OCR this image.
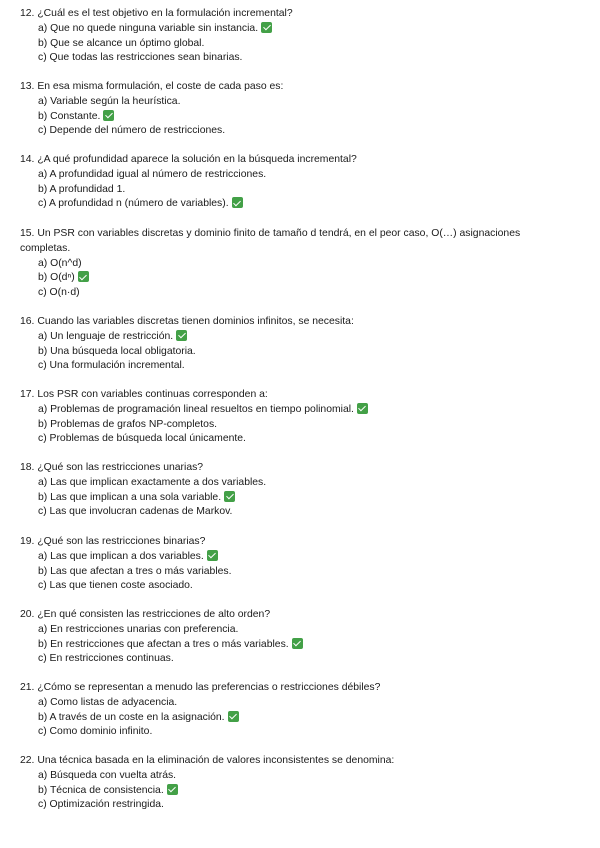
12. ¿Cuál es el test objetivo en la formulación incremental?

a) Que no quede ninguna variable sin instancia.
b) Que se alcance un óptimo global.
c) Que todas las restricciones sean binarias.

13. En esa misma formulación, el coste de cada paso es:

a) Variable según la heurística.
b) Constante.
c) Depende del número de restricciones.

14. ¿A qué profundidad aparece la solución en la búsqueda incremental?

a) A profundidad igual al número de restricciones.
b) A profundidad 1.
c) A profundidad n (número de variables).

15. Un PSR con variables discretas y dominio finito de tamaño d tendrá, en el peor caso, O(…) asignaciones completas.

a) O(n^d)
b) O(dⁿ)
c) O(n·d)

16. Cuando las variables discretas tienen dominios infinitos, se necesita:

a) Un lenguaje de restricción.
b) Una búsqueda local obligatoria.
c) Una formulación incremental.

17. Los PSR con variables continuas corresponden a:

a) Problemas de programación lineal resueltos en tiempo polinomial.
b) Problemas de grafos NP-completos.
c) Problemas de búsqueda local únicamente.

18. ¿Qué son las restricciones unarias?

a) Las que implican exactamente a dos variables.
b) Las que implican a una sola variable.
c) Las que involucran cadenas de Markov.

19. ¿Qué son las restricciones binarias?

a) Las que implican a dos variables.
b) Las que afectan a tres o más variables.
c) Las que tienen coste asociado.

20. ¿En qué consisten las restricciones de alto orden?

a) En restricciones unarias con preferencia.
b) En restricciones que afectan a tres o más variables.
c) En restricciones continuas.

21. ¿Cómo se representan a menudo las preferencias o restricciones débiles?

a) Como listas de adyacencia.
b) A través de un coste en la asignación.
c) Como dominio infinito.

22. Una técnica basada en la eliminación de valores inconsistentes se denomina:

a) Búsqueda con vuelta atrás.
b) Técnica de consistencia.
c) Optimización restringida.
